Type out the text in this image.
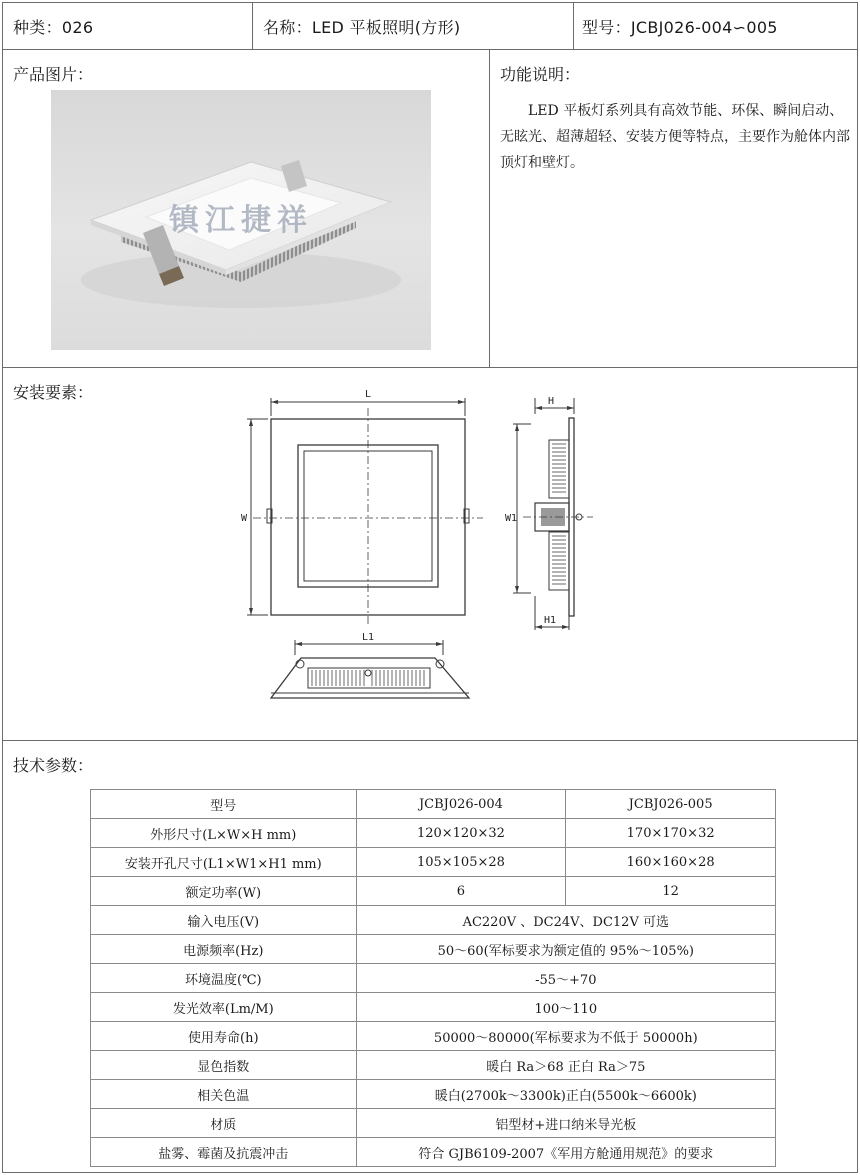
种类：026	名称：LED 平板照明(方形)	型号：JCBJ026-004∽005
产品图片：
镇江捷祥
功能说明：
LED 平板灯系列具有高效节能、环保、瞬间启动、无眩光、超薄超轻、安装方便等特点，主要作为舱体内部顶灯和壁灯。
安装要素：	L
W
H
W1
H1
L1
技术参数：
型号	JCBJ026-004	JCBJ026-005
外形尺寸(L×W×H mm)	120×120×32	170×170×32
安装开孔尺寸(L1×W1×H1 mm)	105×105×28	160×160×28
额定功率(W)	6	12
输入电压(V)	AC220V 、DC24V、DC12V 可选	
电源频率(Hz)	50～60(军标要求为额定值的 95%～105%)	
环境温度(℃)	-55～+70	
发光效率(Lm/M)	100～110	
使用寿命(h)	50000～80000(军标要求为不低于 50000h)	
显色指数	暖白 Ra＞68 正白 Ra＞75	
相关色温	暖白(2700k～3300k)正白(5500k～6600k)	
材质	铝型材+进口纳米导光板	
盐雾、霉菌及抗震冲击	符合 GJB6109-2007《军用方舱通用规范》的要求	
